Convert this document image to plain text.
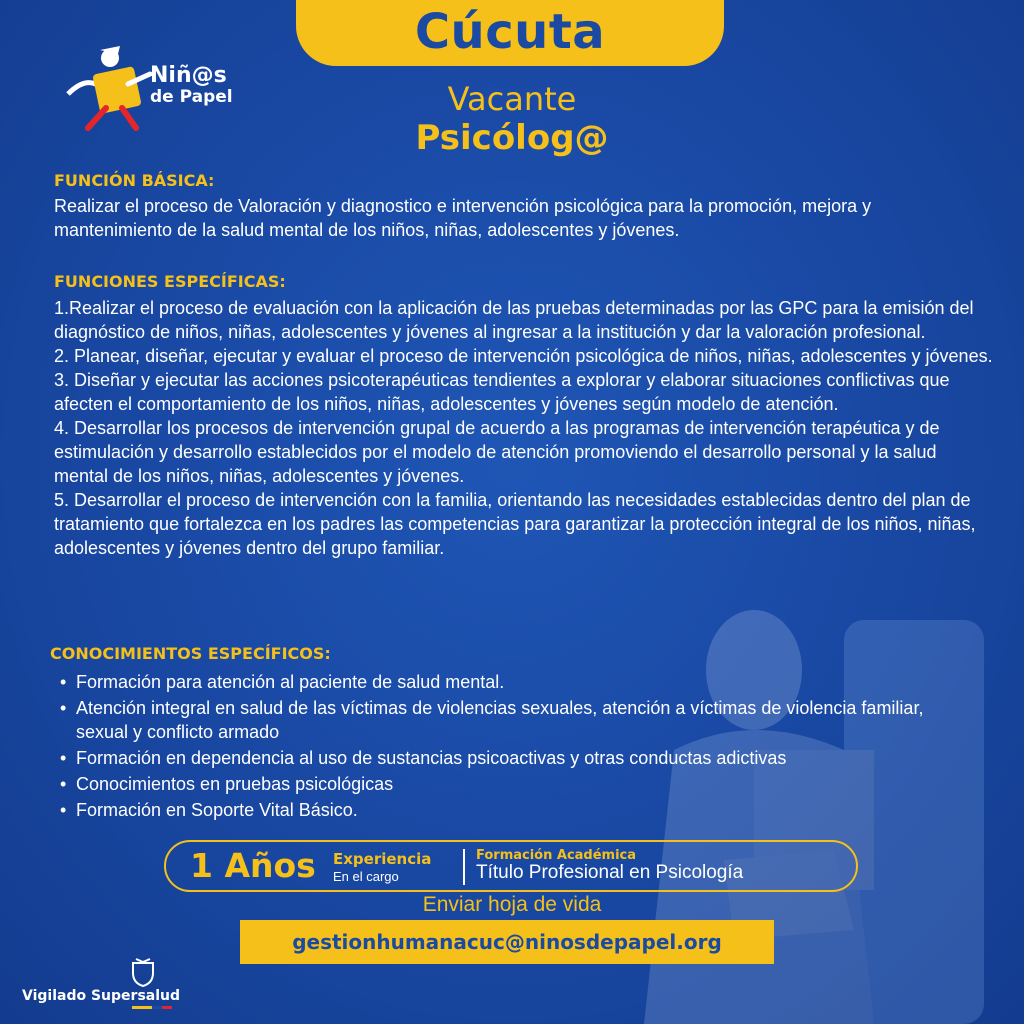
Cúcuta
Niñ@s
de Papel	Vacante
Psicólog@
FUNCIÓN BÁSICA:
Realizar el proceso de Valoración y diagnostico e intervención psicológica para la promoción, mejora y mantenimiento de la salud mental de los niños, niñas, adolescentes y jóvenes.
FUNCIONES ESPECÍFICAS:
1.Realizar el proceso de evaluación con la aplicación de las pruebas determinadas por las GPC para la emisión del diagnóstico de niños, niñas, adolescentes y jóvenes al ingresar a la institución y dar la valoración profesional.
2. Planear, diseñar, ejecutar y evaluar el proceso de intervención psicológica de niños, niñas, adolescentes y jóvenes.
3. Diseñar y ejecutar las acciones psicoterapéuticas tendientes a explorar y elaborar situaciones conflictivas que afecten el comportamiento de los niños, niñas, adolescentes y jóvenes según modelo de atención.
4. Desarrollar los procesos de intervención grupal de acuerdo a las programas de intervención terapéutica y de estimulación y desarrollo establecidos por el modelo de atención promoviendo el desarrollo personal y la salud mental de los niños, niñas, adolescentes y jóvenes.
5. Desarrollar el proceso de intervención con la familia, orientando las necesidades establecidas dentro del plan de tratamiento que fortalezca en los padres las competencias para garantizar la protección integral de los niños, niñas, adolescentes y jóvenes dentro del grupo familiar.
CONOCIMIENTOS ESPECÍFICOS:
• Formación para atención al paciente de salud mental.
• Atención integral en salud de las víctimas de violencias sexuales, atención a víctimas de violencia familiar, sexual y conflicto armado
• Formación en dependencia al uso de sustancias psicoactivas y otras conductas adictivas
• Conocimientos en pruebas psicológicas
• Formación en Soporte Vital Básico.
1 Años Experiencia
En el cargo
Formación Académica
Título Profesional en Psicología
Enviar hoja de vida
gestionhumanacuc@ninosdepapel.org
Vigilado Supersalud
